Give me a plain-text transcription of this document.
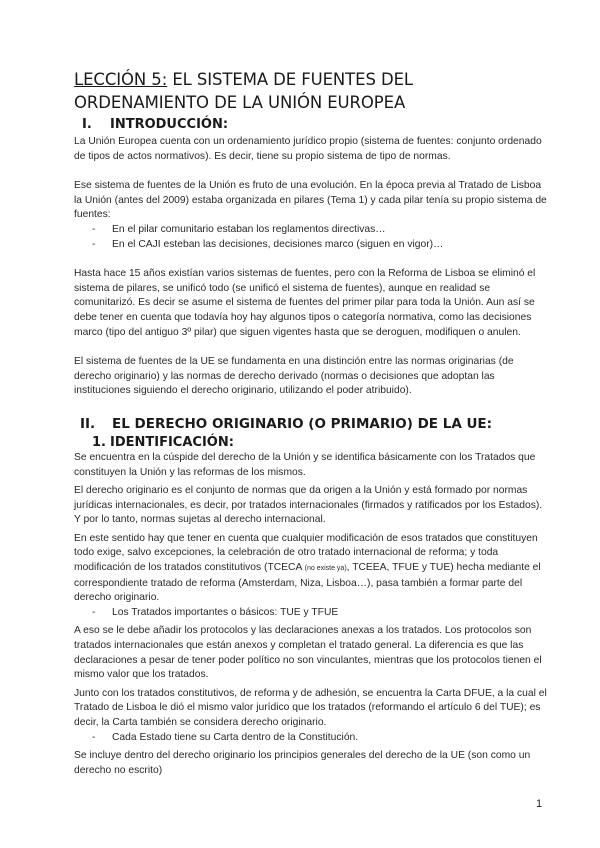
LECCIÓN 5: EL SISTEMA DE FUENTES DEL ORDENAMIENTO DE LA UNIÓN EUROPEA
I.	INTRODUCCIÓN:

La Unión Europea cuenta con un ordenamiento jurídico propio (sistema de fuentes: conjunto ordenado de tipos de actos normativos). Es decir, tiene su propio sistema de tipo de normas.

Ese sistema de fuentes de la Unión es fruto de una evolución. En la época previa al Tratado de Lisboa la Unión (antes del 2009) estaba organizada en pilares (Tema 1) y cada pilar tenía su propio sistema de fuentes:

- En el pilar comunitario estaban los reglamentos directivas…
- En el CAJI esteban las decisiones, decisiones marco (siguen en vigor)…

Hasta hace 15 años existían varios sistemas de fuentes, pero con la Reforma de Lisboa se eliminó el sistema de pilares, se unificó todo (se unificó el sistema de fuentes), aunque en realidad se comunitarizó. Es decir se asume el sistema de fuentes del primer pilar para toda la Unión. Aun así se debe tener en cuenta que todavía hoy hay algunos tipos o categoría normativa, como las decisiones marco (tipo del antiguo 3º pilar) que siguen vigentes hasta que se deroguen, modifiquen o anulen.

El sistema de fuentes de la UE se fundamenta en una distinción entre las normas originarias (de derecho originario) y las normas de derecho derivado (normas o decisiones que adoptan las instituciones siguiendo el derecho originario, utilizando el poder atribuido).

II.	EL DERECHO ORIGINARIO (O PRIMARIO) DE LA UE:
1. IDENTIFICACIÓN:

Se encuentra en la cúspide del derecho de la Unión y se identifica básicamente con los Tratados que constituyen la Unión y las reformas de los mismos.

El derecho originario es el conjunto de normas que da origen a la Unión y está formado por normas jurídicas internacionales, es decir, por tratados internacionales (firmados y ratificados por los Estados). Y por lo tanto, normas sujetas al derecho internacional.

En este sentido hay que tener en cuenta que cualquier modificación de esos tratados que constituyen todo exige, salvo excepciones, la celebración de otro tratado internacional de reforma; y toda modificación de los tratados constitutivos (TCECA (no existe ya), TCEEA, TFUE y TUE) hecha mediante el correspondiente tratado de reforma (Amsterdam, Niza, Lisboa…), pasa también a formar parte del derecho originario.

- Los Tratados importantes o básicos: TUE y TFUE

A eso se le debe añadir los protocolos y las declaraciones anexas a los tratados. Los protocolos son tratados internacionales que están anexos y completan el tratado general. La diferencia es que las declaraciones a pesar de tener poder político no son vinculantes, mientras que los protocolos tienen el mismo valor que los tratados.

Junto con los tratados constitutivos, de reforma y de adhesión, se encuentra la Carta DFUE, a la cual el Tratado de Lisboa le dió el mismo valor jurídico que los tratados (reformando el artículo 6 del TUE); es decir, la Carta también se considera derecho originario.

- Cada Estado tiene su Carta dentro de la Constitución.

Se incluye dentro del derecho originario los principios generales del derecho de la UE (son como un derecho no escrito)

1
